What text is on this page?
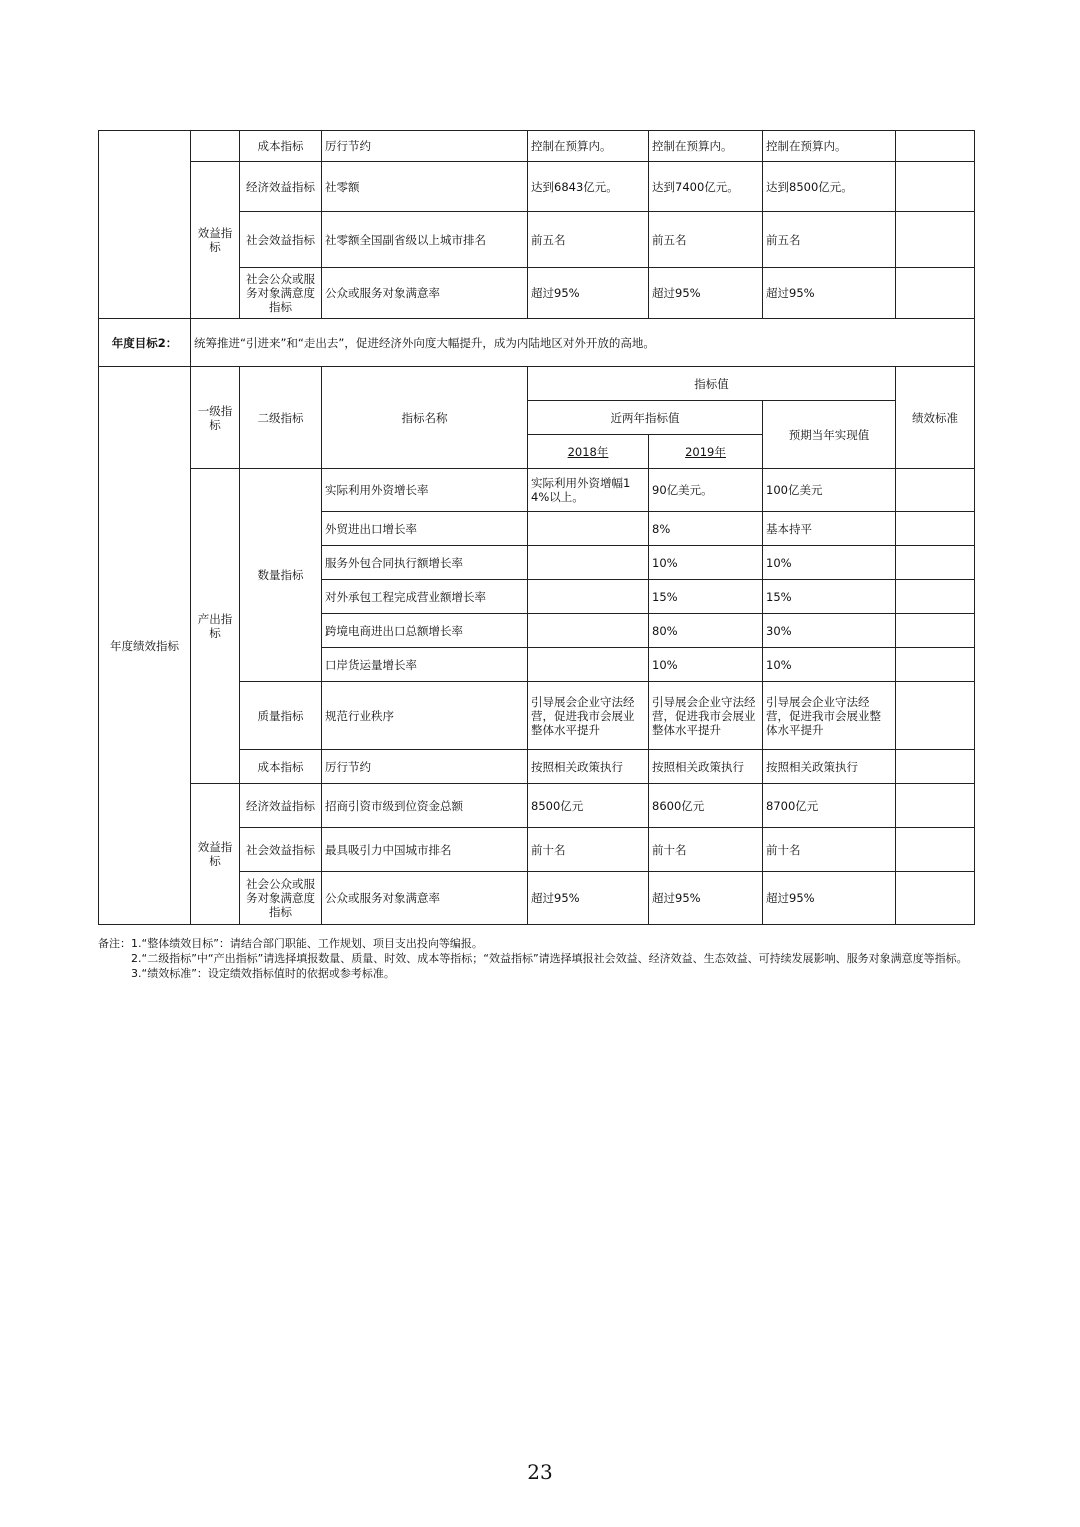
		成本指标	厉行节约	控制在预算内。	控制在预算内。	控制在预算内。	
	效益指标	经济效益指标	社零额	达到6843亿元。	达到7400亿元。	达到8500亿元。	
		社会效益指标	社零额全国副省级以上城市排名	前五名	前五名	前五名	
		社会公众或服务对象满意度指标	公众或服务对象满意率	超过95%	超过95%	超过95%	
年度目标2：	统筹推进“引进来”和“走出去”，促进经济外向度大幅提升，成为内陆地区对外开放的高地。						
年度绩效指标	一级指标	二级指标	指标名称	指标值			绩效标准
				近两年指标值		预期当年实现值	
				2018年	2019年		
	产出指标	数量指标	实际利用外资增长率	实际利用外资增幅14%以上。	90亿美元。	100亿美元	
			外贸进出口增长率		8%	基本持平	
			服务外包合同执行额增长率		10%	10%	
			对外承包工程完成营业额增长率		15%	15%	
			跨境电商进出口总额增长率		80%	30%	
			口岸货运量增长率		10%	10%	
		质量指标	规范行业秩序	引导展会企业守法经营，促进我市会展业整体水平提升	引导展会企业守法经营，促进我市会展业整体水平提升	引导展会企业守法经营，促进我市会展业整体水平提升	
		成本指标	厉行节约	按照相关政策执行	按照相关政策执行	按照相关政策执行	
	效益指标	经济效益指标	招商引资市级到位资金总额	8500亿元	8600亿元	8700亿元	
		社会效益指标	最具吸引力中国城市排名	前十名	前十名	前十名	
		社会公众或服务对象满意度指标	公众或服务对象满意率	超过95%	超过95%	超过95%	

备注：1.“整体绩效目标”：请结合部门职能、工作规划、项目支出投向等编报。

　　　2.“二级指标”中“产出指标”请选择填报数量、质量、时效、成本等指标；“效益指标”请选择填报社会效益、经济效益、生态效益、可持续发展影响、服务对象满意度等指标。

　　　3.“绩效标准”：设定绩效指标值时的依据或参考标准。

23
